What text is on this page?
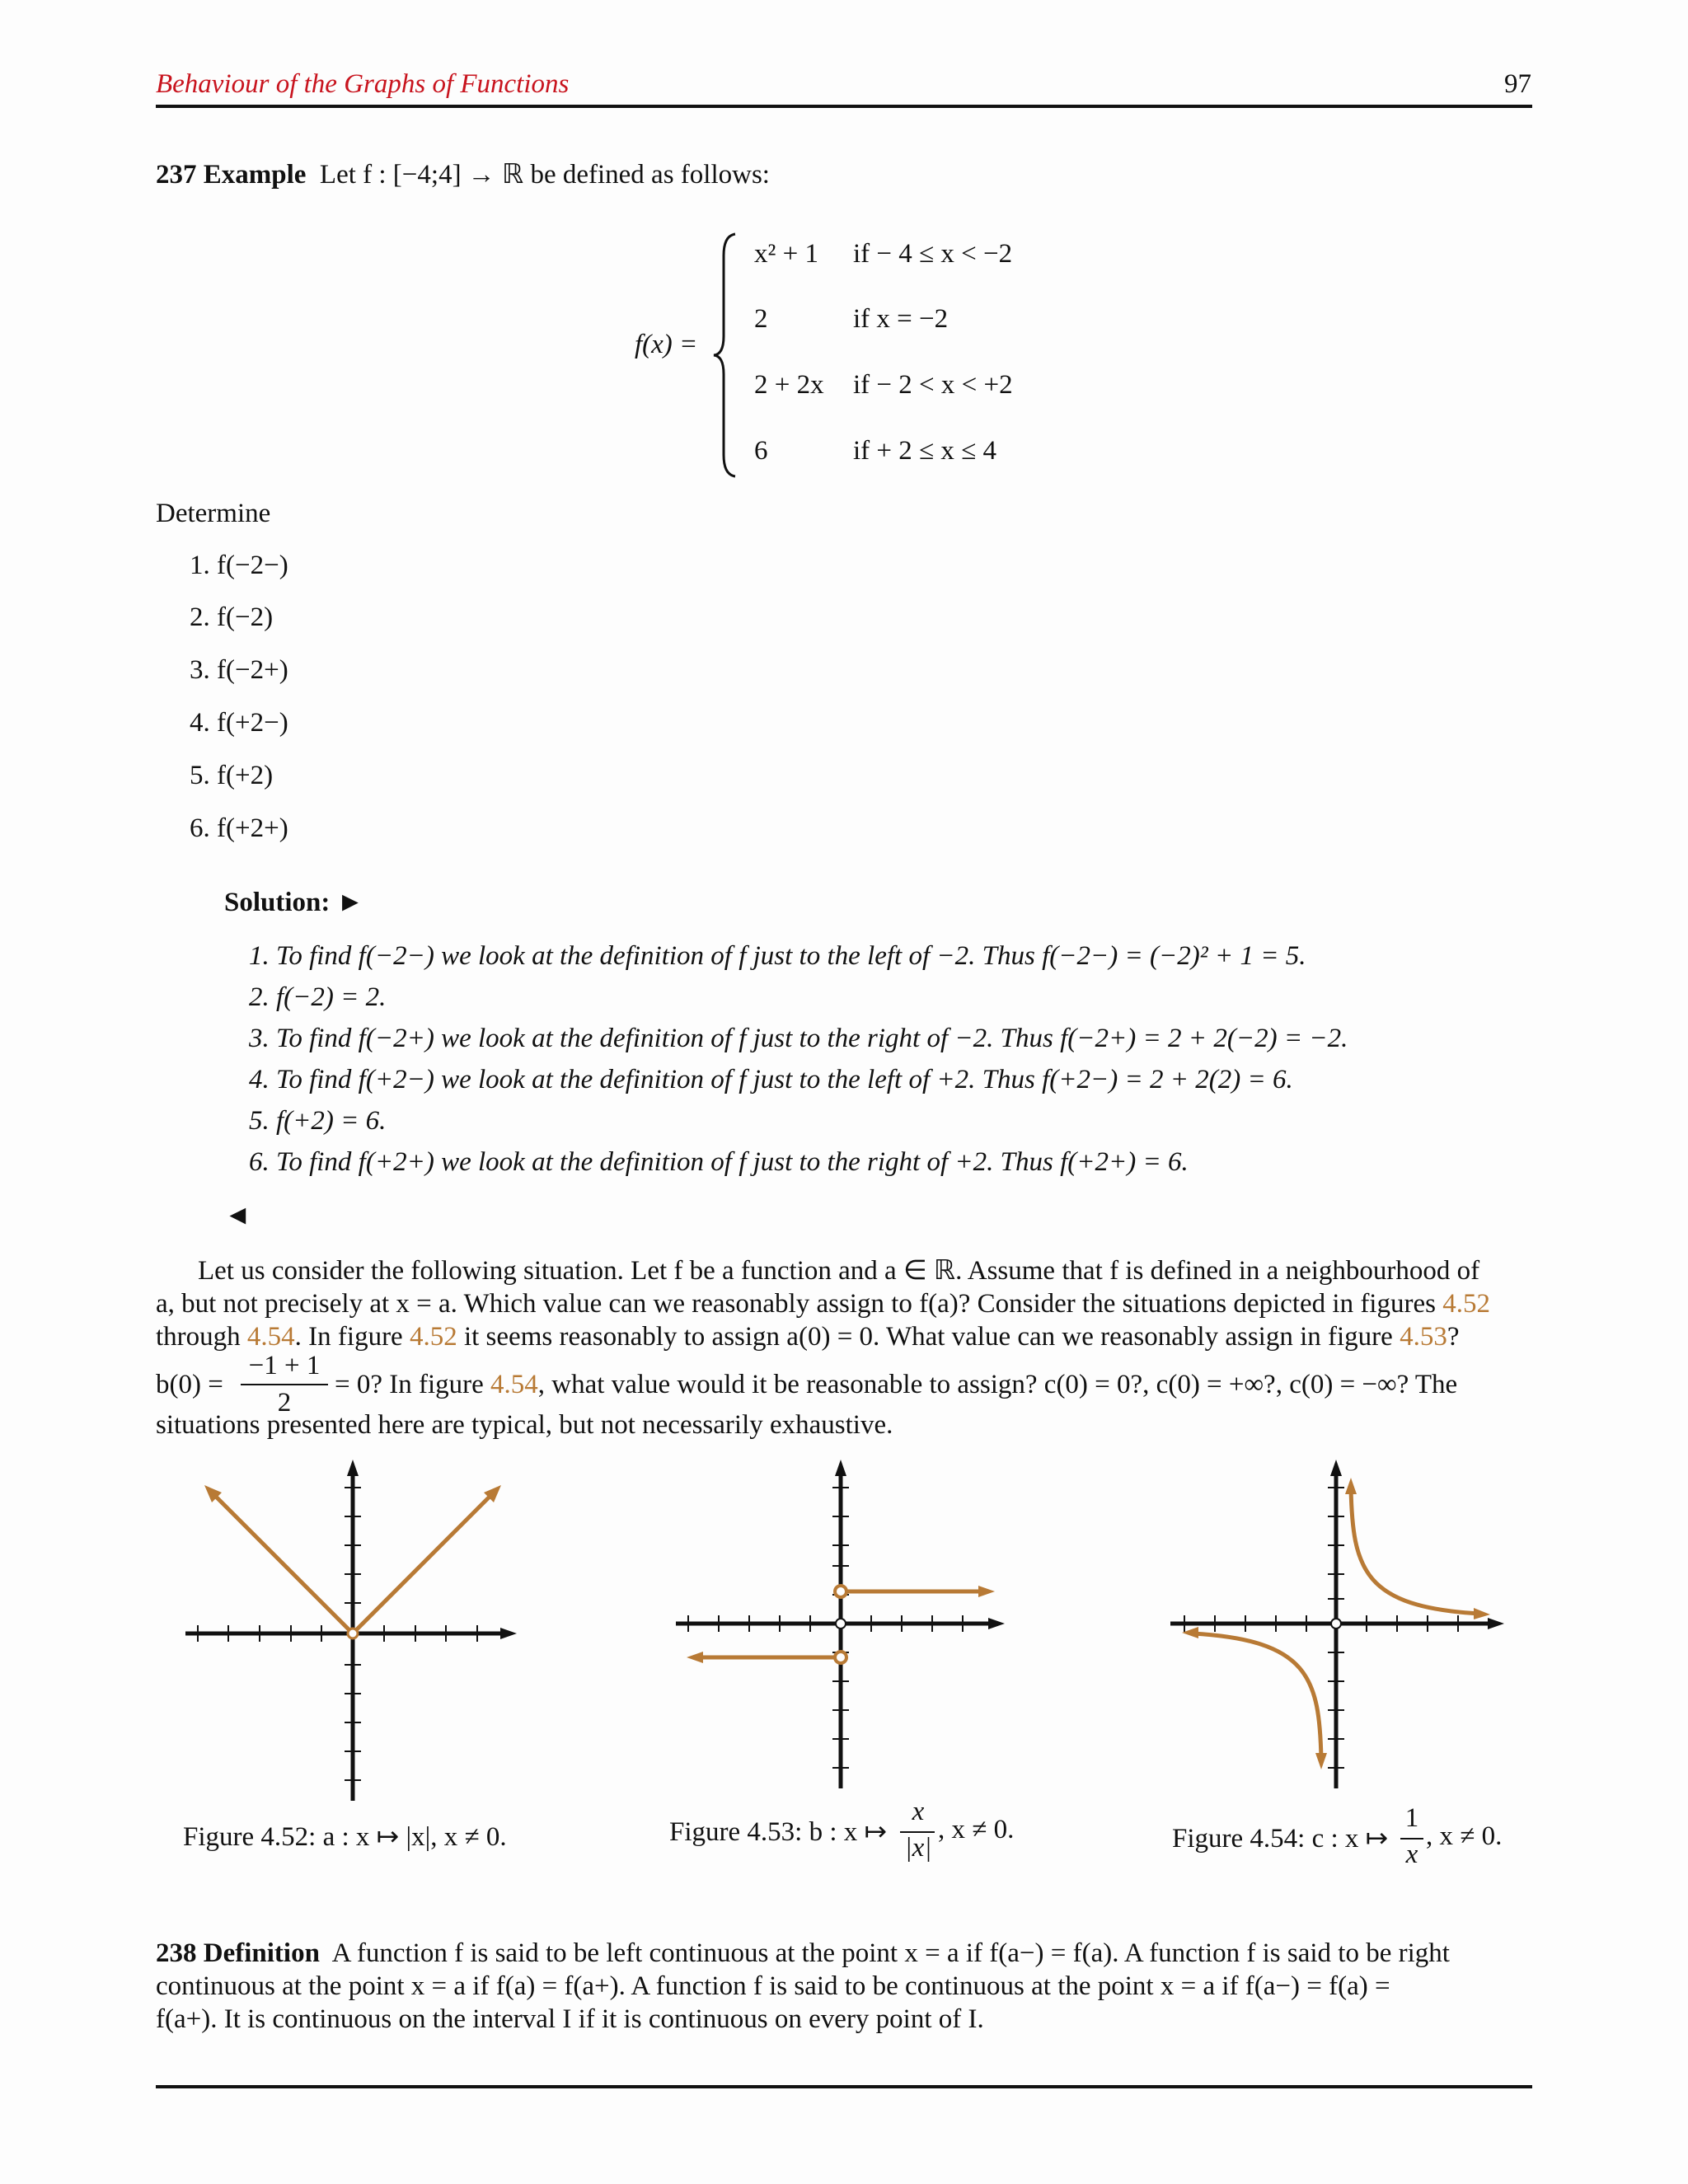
Behaviour of the Graphs of Functions	97
237 Example Let f : [−4;4] → ℝ be defined as follows:
f(x) =
x² + 1 if − 4 ≤ x < −2
2	if x = −2
2 + 2x if − 2 < x < +2
6	if + 2 ≤ x ≤ 4
Determine
1. f(−2−)
2. f(−2)
3. f(−2+)
4. f(+2−)
5. f(+2)
6. f(+2+)
Solution: ►
1. To find f(−2−) we look at the definition of f just to the left of −2. Thus f(−2−) = (−2)² + 1 = 5.
2. f(−2) = 2.
3. To find f(−2+) we look at the definition of f just to the right of −2. Thus f(−2+) = 2 + 2(−2) = −2.
4. To find f(+2−) we look at the definition of f just to the left of +2. Thus f(+2−) = 2 + 2(2) = 6.
5. f(+2) = 6.
6. To find f(+2+) we look at the definition of f just to the right of +2. Thus f(+2+) = 6.
◄
Let us consider the following situation. Let f be a function and a ∈ ℝ. Assume that f is defined in a neighbourhood of
a, but not precisely at x = a. Which value can we reasonably assign to f(a)? Consider the situations depicted in figures 4.52
through 4.54. In figure 4.52 it seems reasonably to assign a(0) = 0. What value can we reasonably assign in figure 4.53?
b(0) =
−1 + 1
2
= 0? In figure 4.54, what value would it be reasonable to assign? c(0) = 0?, c(0) = +∞?, c(0) = −∞? The
situations presented here are typical, but not necessarily exhaustive.
Figure 4.52: a : x ↦ |x|, x ≠ 0.	Figure 4.53: b : x ↦
x
|x|
, x ≠ 0.	Figure 4.54: c : x ↦
1
x
, x ≠ 0.
238 Definition A function f is said to be left continuous at the point x = a if f(a−) = f(a). A function f is said to be right
continuous at the point x = a if f(a) = f(a+). A function f is said to be continuous at the point x = a if f(a−) = f(a) =
f(a+). It is continuous on the interval I if it is continuous on every point of I.
